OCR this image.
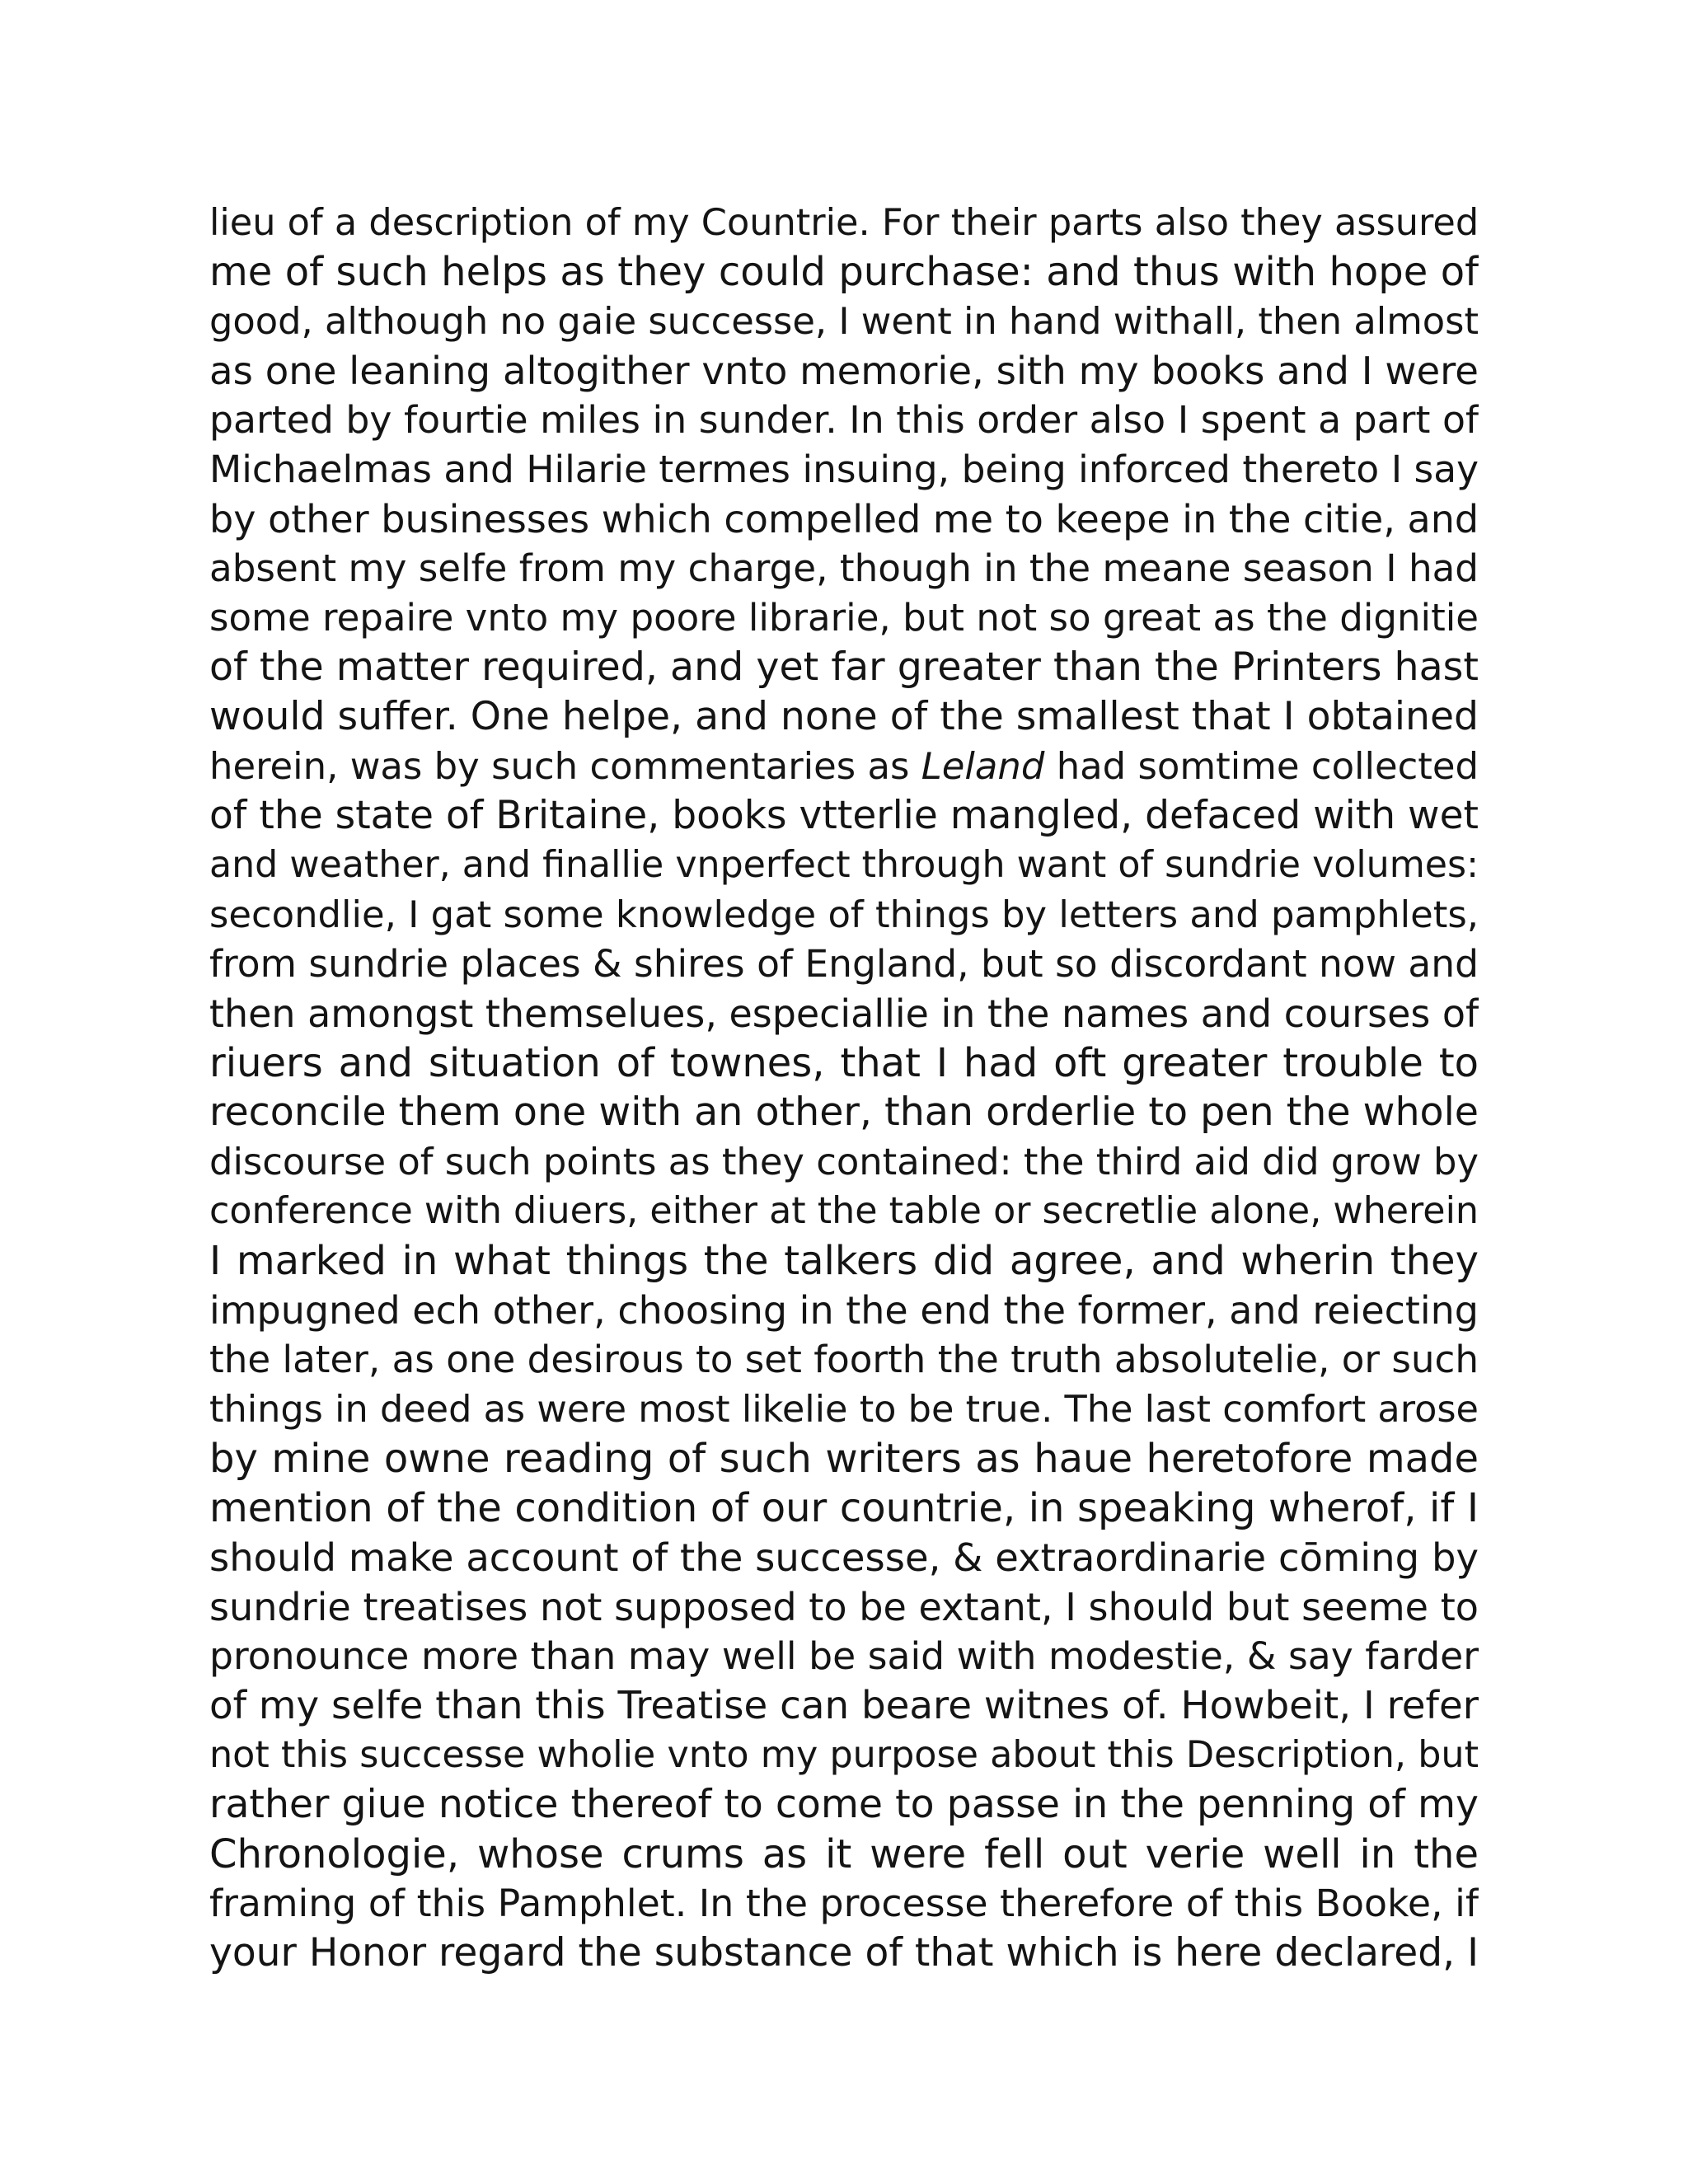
lieu of a description of my Countrie. For their parts also they assured
me of such helps as they could purchase: and thus with hope of
good, although no gaie successe, I went in hand withall, then almost
as one leaning altogither vnto memorie, sith my books and I were
parted by fourtie miles in sunder. In this order also I spent a part of
Michaelmas and Hilarie termes insuing, being inforced thereto I say
by other businesses which compelled me to keepe in the citie, and
absent my selfe from my charge, though in the meane season I had
some repaire vnto my poore librarie, but not so great as the dignitie
of the matter required, and yet far greater than the Printers hast
would suffer. One helpe, and none of the smallest that I obtained
herein, was by such commentaries as Leland had somtime collected
of the state of Britaine, books vtterlie mangled, defaced with wet
and weather, and finallie vnperfect through want of sundrie volumes:
secondlie, I gat some knowledge of things by letters and pamphlets,
from sundrie places & shires of England, but so discordant now and
then amongst themselues, especiallie in the names and courses of
riuers and situation of townes, that I had oft greater trouble to
reconcile them one with an other, than orderlie to pen the whole
discourse of such points as they contained: the third aid did grow by
conference with diuers, either at the table or secretlie alone, wherein
I marked in what things the talkers did agree, and wherin they
impugned ech other, choosing in the end the former, and reiecting
the later, as one desirous to set foorth the truth absolutelie, or such
things in deed as were most likelie to be true. The last comfort arose
by mine owne reading of such writers as haue heretofore made
mention of the condition of our countrie, in speaking wherof, if I
should make account of the successe, & extraordinarie cōming by
sundrie treatises not supposed to be extant, I should but seeme to
pronounce more than may well be said with modestie, & say farder
of my selfe than this Treatise can beare witnes of. Howbeit, I refer
not this successe wholie vnto my purpose about this Description, but
rather giue notice thereof to come to passe in the penning of my
Chronologie, whose crums as it were fell out verie well in the
framing of this Pamphlet. In the processe therefore of this Booke, if
your Honor regard the substance of that which is here declared, I
